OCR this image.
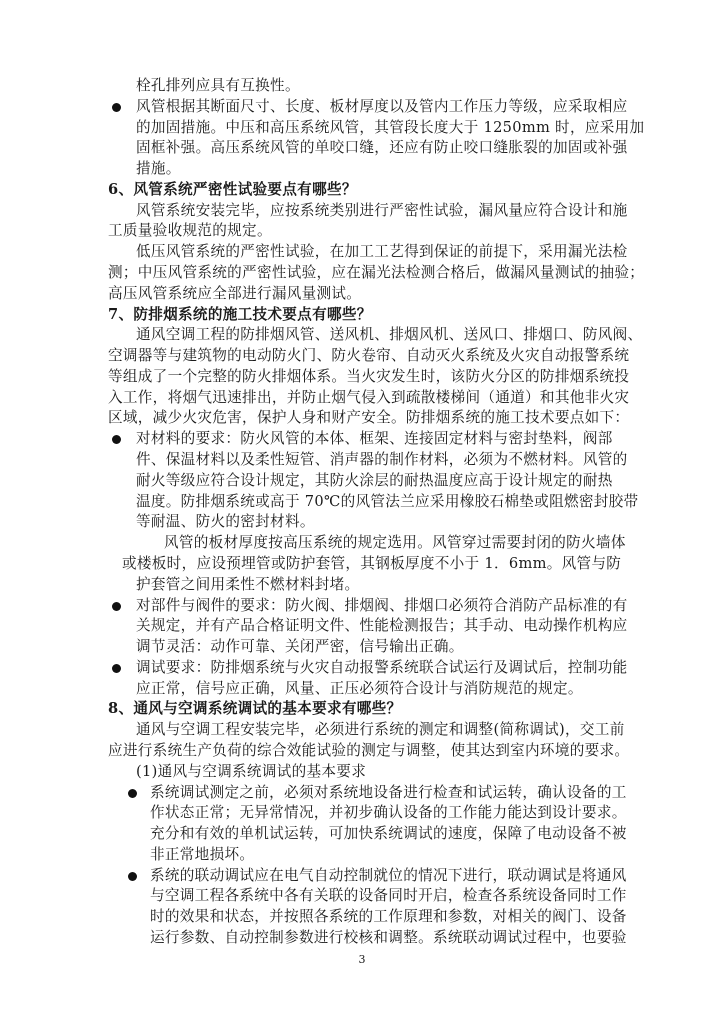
栓孔排列应具有互换性。
风管根据其断面尺寸、长度、板材厚度以及管内工作压力等级，应采取相应
的加固措施。中压和高压系统风管，其管段长度大于 1250mm 时，应采用加
固框补强。高压系统风管的单咬口缝，还应有防止咬口缝胀裂的加固或补强
措施。
6、风管系统严密性试验要点有哪些？
风管系统安装完毕，应按系统类别进行严密性试验，漏风量应符合设计和施
工质量验收规范的规定。
低压风管系统的严密性试验，在加工工艺得到保证的前提下，采用漏光法检
测；中压风管系统的严密性试验，应在漏光法检测合格后，做漏风量测试的抽验；
高压风管系统应全部进行漏风量测试。
7、防排烟系统的施工技术要点有哪些？
通风空调工程的防排烟风管、送风机、排烟风机、送风口、排烟口、防风阀、
空调器等与建筑物的电动防火门、防火卷帘、自动灭火系统及火灾自动报警系统
等组成了一个完整的防火排烟体系。当火灾发生时，该防火分区的防排烟系统投
入工作，将烟气迅速排出，并防止烟气侵入到疏散楼梯间（通道）和其他非火灾
区域，减少火灾危害，保护人身和财产安全。防排烟系统的施工技术要点如下：
对材料的要求：防火风管的本体、框架、连接固定材料与密封垫料，阀部
件、保温材料以及柔性短管、消声器的制作材料，必须为不燃材料。风管的
耐火等级应符合设计规定，其防火涂层的耐热温度应高于设计规定的耐热
温度。防排烟系统或高于 70℃的风管法兰应采用橡胶石棉垫或阻燃密封胶带
等耐温、防火的密封材料。
风管的板材厚度按高压系统的规定选用。风管穿过需要封闭的防火墙体
或楼板时，应设预埋管或防护套管，其钢板厚度不小于 1．6mm。风管与防
护套管之间用柔性不燃材料封堵。
对部件与阀件的要求：防火阀、排烟阀、排烟口必须符合消防产品标准的有
关规定，并有产品合格证明文件、性能检测报告；其手动、电动操作机构应
调节灵活：动作可靠、关闭严密，信号输出正确。
调试要求：防排烟系统与火灾自动报警系统联合试运行及调试后，控制功能
应正常，信号应正确，风量、正压必须符合设计与消防规范的规定。
8、通风与空调系统调试的基本要求有哪些？
通风与空调工程安装完毕，必须进行系统的测定和调整(简称调试)，交工前
应进行系统生产负荷的综合效能试验的测定与调整，使其达到室内环境的要求。
(1)通风与空调系统调试的基本要求
系统调试测定之前，必须对系统地设备进行检查和试运转，确认设备的工
作状态正常；无异常情况，并初步确认设备的工作能力能达到设计要求。
充分和有效的单机试运转，可加快系统调试的速度，保障了电动设备不被
非正常地损坏。
系统的联动调试应在电气自动控制就位的情况下进行，联动调试是将通风
与空调工程各系统中各有关联的设备同时开启，检查各系统设备同时工作
时的效果和状态，并按照各系统的工作原理和参数，对相关的阀门、设备
运行参数、自动控制参数进行校核和调整。系统联动调试过程中，也要验
3
